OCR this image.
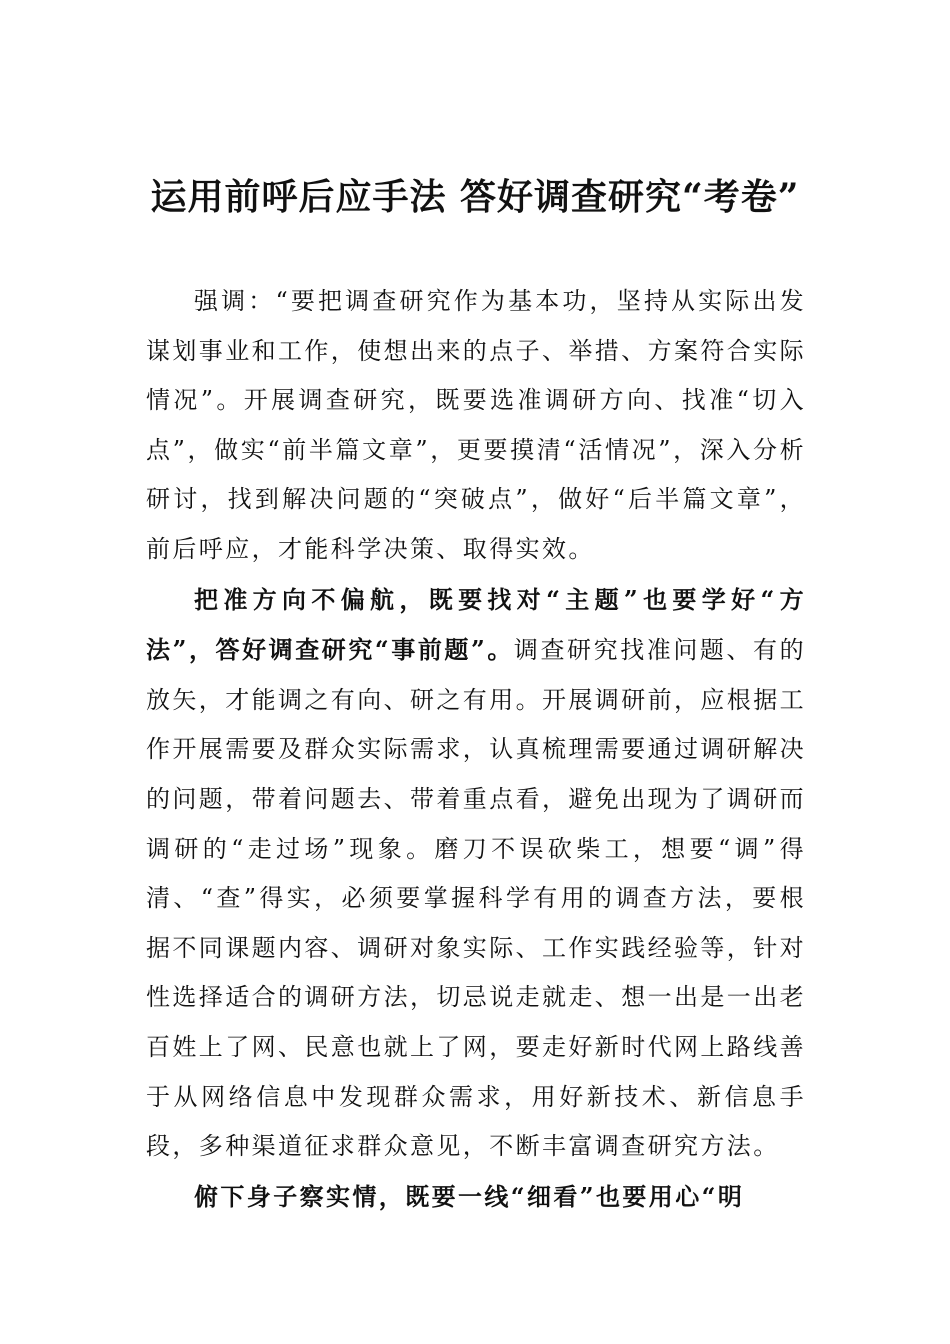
运用前呼后应手法 答好调查研究“考卷”

强调：“要把调查研究作为基本功，坚持从实际出发谋划事业和工作，使想出来的点子、举措、方案符合实际情况”。开展调查研究，既要选准调研方向、找准“切入点”，做实“前半篇文章”，更要摸清“活情况”，深入分析研讨，找到解决问题的“突破点”，做好“后半篇文章”，前后呼应，才能科学决策、取得实效。

把准方向不偏航，既要找对“主题”也要学好“方法”，答好调查研究“事前题”。调查研究找准问题、有的放矢，才能调之有向、研之有用。开展调研前，应根据工作开展需要及群众实际需求，认真梳理需要通过调研解决的问题，带着问题去、带着重点看，避免出现为了调研而调研的“走过场”现象。磨刀不误砍柴工，想要“调”得清、“查”得实，必须要掌握科学有用的调查方法，要根据不同课题内容、调研对象实际、工作实践经验等，针对性选择适合的调研方法，切忌说走就走、想一出是一出老百姓上了网、民意也就上了网，要走好新时代网上路线善于从网络信息中发现群众需求，用好新技术、新信息手段，多种渠道征求群众意见，不断丰富调查研究方法。

俯下身子察实情，既要一线“细看”也要用心“明
